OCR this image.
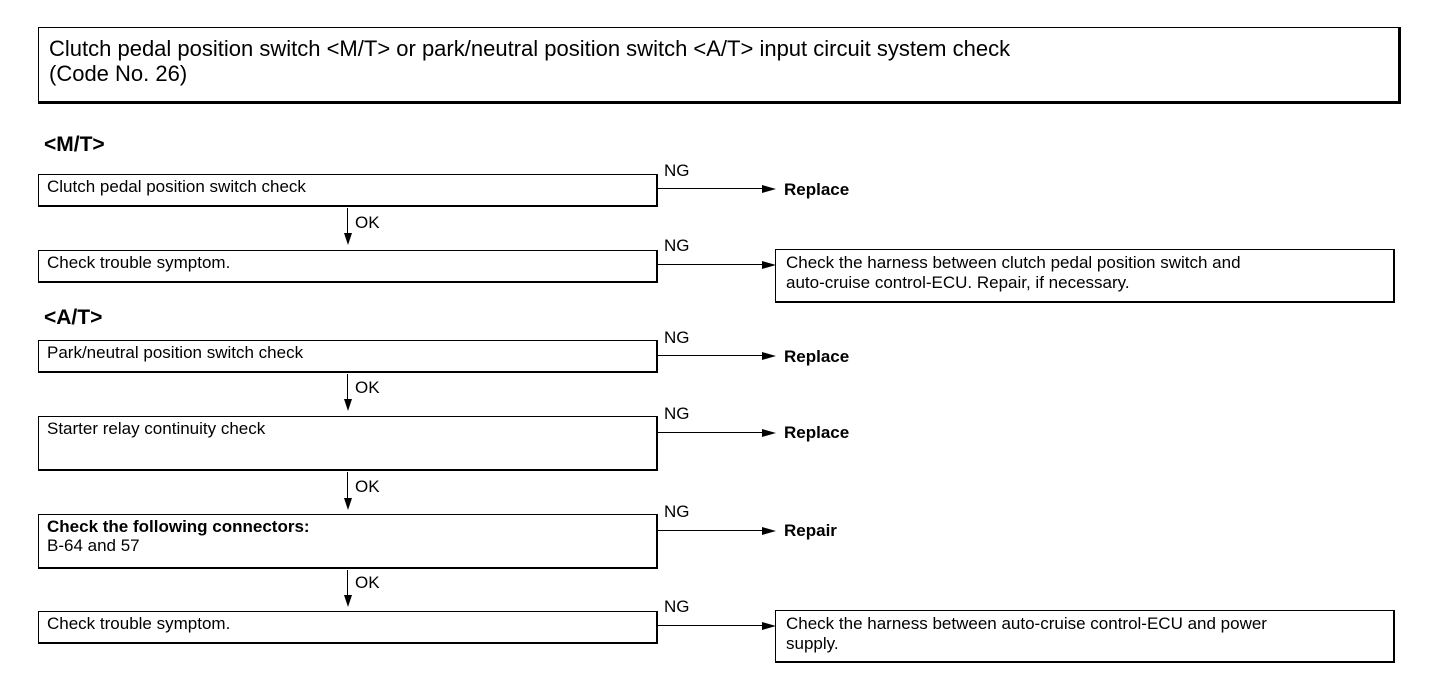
Clutch pedal position switch <M/T> or park/neutral position switch <A/T> input circuit system check
(Code No. 26)
<M/T>
Clutch pedal position switch check
NG
Replace
OK
Check trouble symptom.
NG
Check the harness between clutch pedal position switch and
auto-cruise control-ECU. Repair, if necessary.
<A/T>
Park/neutral position switch check
NG
Replace
OK
Starter relay continuity check
NG
Replace
OK
Check the following connectors:
B-64 and 57
NG
Repair
OK
Check trouble symptom.
NG
Check the harness between auto-cruise control-ECU and power
supply.
